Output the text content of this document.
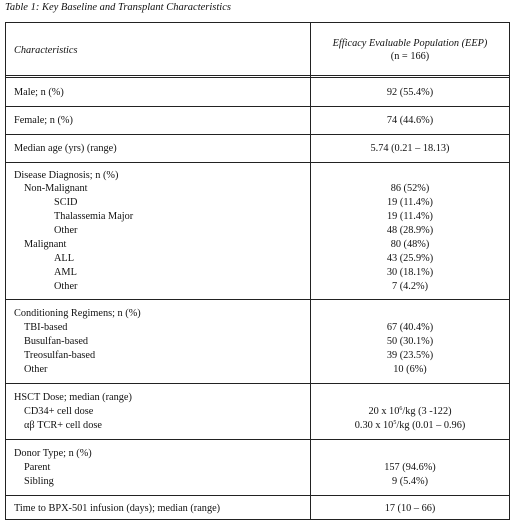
Table 1: Key Baseline and Transplant Characteristics
Characteristics
Efficacy Evaluable Population (EEP)
(n = 166)
Male; n (%)	92 (55.4%)
Female; n (%)	74 (44.6%)
Median age (yrs) (range)	5.74 (0.21 – 18.13)
Disease Diagnosis; n (%)
Non-Malignant	86 (52%)
SCID	19 (11.4%)
Thalassemia Major	19 (11.4%)
Other	48 (28.9%)
Malignant	80 (48%)
ALL	43 (25.9%)
AML	30 (18.1%)
Other	7 (4.2%)
Conditioning Regimens; n (%)
TBI-based	67 (40.4%)
Busulfan-based	50 (30.1%)
Treosulfan-based	39 (23.5%)
Other	10 (6%)
HSCT Dose; median (range)
CD34+ cell dose	20 x $10^6/kg$ (3 -122)
αβ TCR+ cell dose	0.30 x $10^5/kg$ (0.01 – 0.96)
Donor Type; n (%)
Parent	157 (94.6%)
Sibling	9 (5.4%)
Time to BPX-501 infusion (days); median (range)	17 (10 – 66)
